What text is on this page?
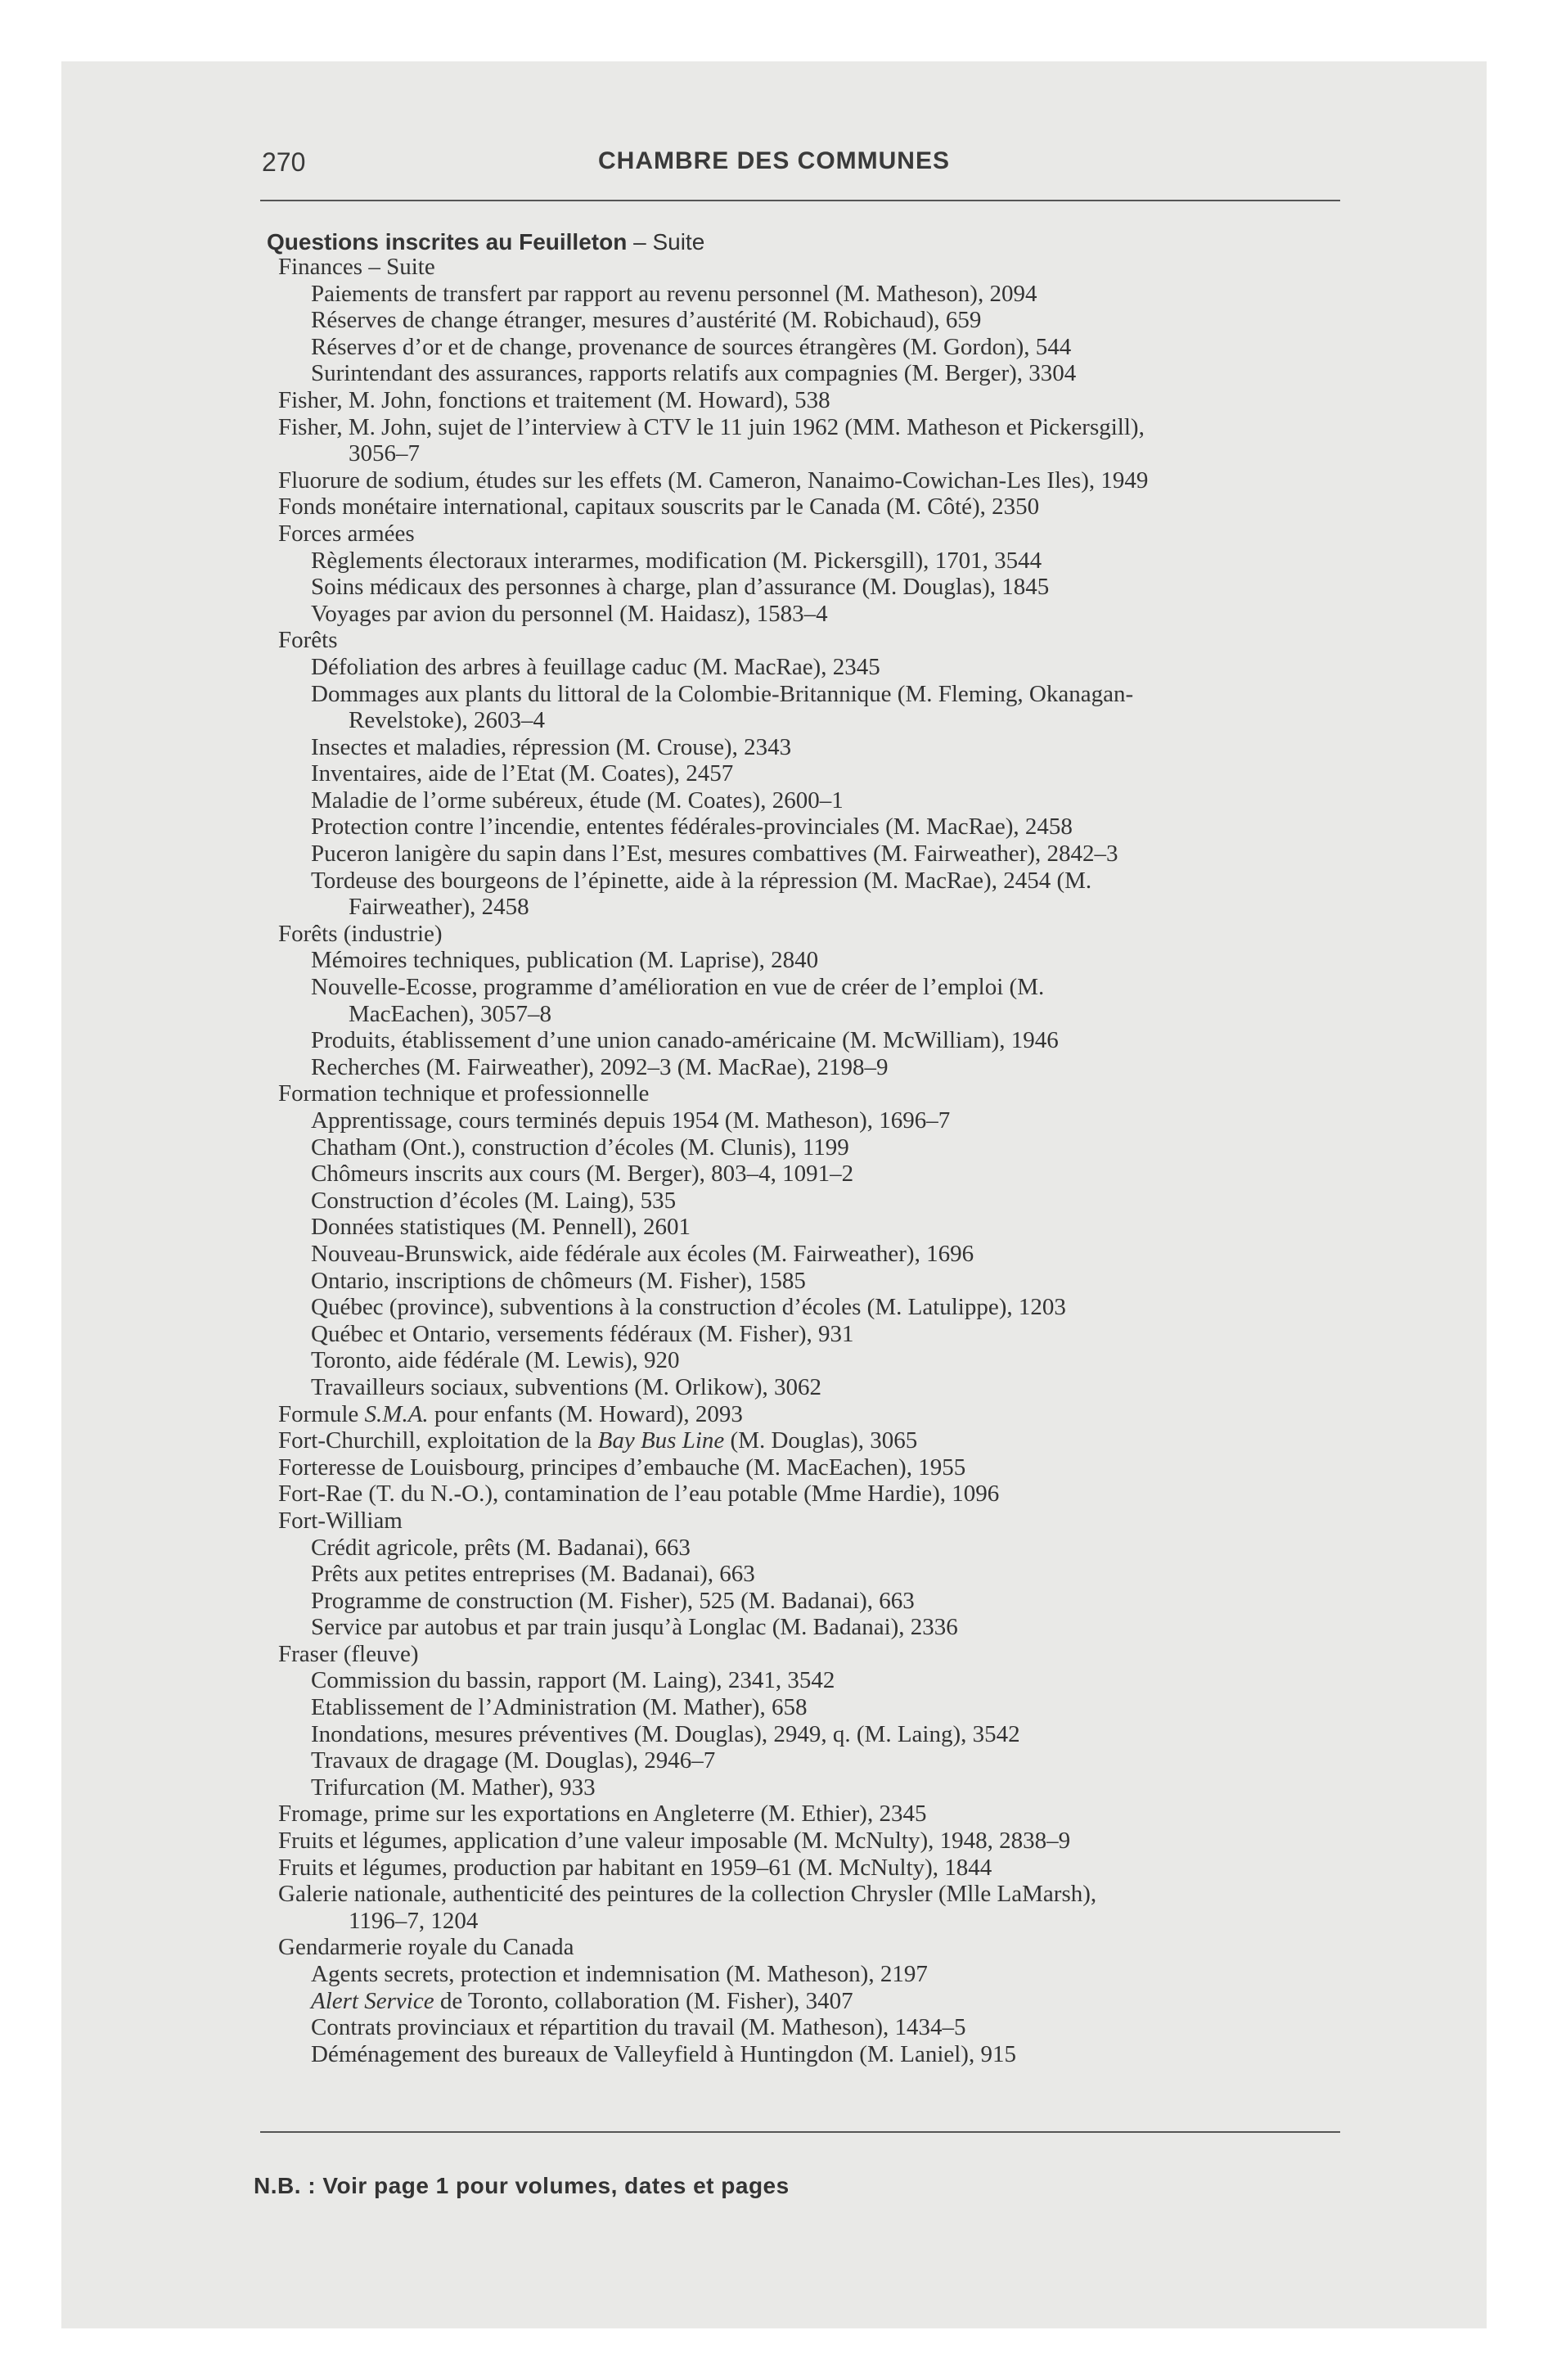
270	CHAMBRE DES COMMUNES
Questions inscrites au Feuilleton – Suite
Finances – Suite
Paiements de transfert par rapport au revenu personnel (M. Matheson), 2094
Réserves de change étranger, mesures d’austérité (M. Robichaud), 659
Réserves d’or et de change, provenance de sources étrangères (M. Gordon), 544
Surintendant des assurances, rapports relatifs aux compagnies (M. Berger), 3304
Fisher, M. John, fonctions et traitement (M. Howard), 538
Fisher, M. John, sujet de l’interview à CTV le 11 juin 1962 (MM. Matheson et Pickersgill),
3056–7
Fluorure de sodium, études sur les effets (M. Cameron, Nanaimo-Cowichan-Les Iles), 1949
Fonds monétaire international, capitaux souscrits par le Canada (M. Côté), 2350
Forces armées
Règlements électoraux interarmes, modification (M. Pickersgill), 1701, 3544
Soins médicaux des personnes à charge, plan d’assurance (M. Douglas), 1845
Voyages par avion du personnel (M. Haidasz), 1583–4
Forêts
Défoliation des arbres à feuillage caduc (M. MacRae), 2345
Dommages aux plants du littoral de la Colombie-Britannique (M. Fleming, Okanagan-
Revelstoke), 2603–4
Insectes et maladies, répression (M. Crouse), 2343
Inventaires, aide de l’Etat (M. Coates), 2457
Maladie de l’orme subéreux, étude (M. Coates), 2600–1
Protection contre l’incendie, ententes fédérales-provinciales (M. MacRae), 2458
Puceron lanigère du sapin dans l’Est, mesures combattives (M. Fairweather), 2842–3
Tordeuse des bourgeons de l’épinette, aide à la répression (M. MacRae), 2454 (M.
Fairweather), 2458
Forêts (industrie)
Mémoires techniques, publication (M. Laprise), 2840
Nouvelle-Ecosse, programme d’amélioration en vue de créer de l’emploi (M.
MacEachen), 3057–8
Produits, établissement d’une union canado-américaine (M. McWilliam), 1946
Recherches (M. Fairweather), 2092–3 (M. MacRae), 2198–9
Formation technique et professionnelle
Apprentissage, cours terminés depuis 1954 (M. Matheson), 1696–7
Chatham (Ont.), construction d’écoles (M. Clunis), 1199
Chômeurs inscrits aux cours (M. Berger), 803–4, 1091–2
Construction d’écoles (M. Laing), 535
Données statistiques (M. Pennell), 2601
Nouveau-Brunswick, aide fédérale aux écoles (M. Fairweather), 1696
Ontario, inscriptions de chômeurs (M. Fisher), 1585
Québec (province), subventions à la construction d’écoles (M. Latulippe), 1203
Québec et Ontario, versements fédéraux (M. Fisher), 931
Toronto, aide fédérale (M. Lewis), 920
Travailleurs sociaux, subventions (M. Orlikow), 3062
Formule S.M.A. pour enfants (M. Howard), 2093
Fort-Churchill, exploitation de la Bay Bus Line (M. Douglas), 3065
Forteresse de Louisbourg, principes d’embauche (M. MacEachen), 1955
Fort-Rae (T. du N.-O.), contamination de l’eau potable (Mme Hardie), 1096
Fort-William
Crédit agricole, prêts (M. Badanai), 663
Prêts aux petites entreprises (M. Badanai), 663
Programme de construction (M. Fisher), 525 (M. Badanai), 663
Service par autobus et par train jusqu’à Longlac (M. Badanai), 2336
Fraser (fleuve)
Commission du bassin, rapport (M. Laing), 2341, 3542
Etablissement de l’Administration (M. Mather), 658
Inondations, mesures préventives (M. Douglas), 2949, q. (M. Laing), 3542
Travaux de dragage (M. Douglas), 2946–7
Trifurcation (M. Mather), 933
Fromage, prime sur les exportations en Angleterre (M. Ethier), 2345
Fruits et légumes, application d’une valeur imposable (M. McNulty), 1948, 2838–9
Fruits et légumes, production par habitant en 1959–61 (M. McNulty), 1844
Galerie nationale, authenticité des peintures de la collection Chrysler (Mlle LaMarsh),
1196–7, 1204
Gendarmerie royale du Canada
Agents secrets, protection et indemnisation (M. Matheson), 2197
Alert Service de Toronto, collaboration (M. Fisher), 3407
Contrats provinciaux et répartition du travail (M. Matheson), 1434–5
Déménagement des bureaux de Valleyfield à Huntingdon (M. Laniel), 915
N.B. : Voir page 1 pour volumes, dates et pages
